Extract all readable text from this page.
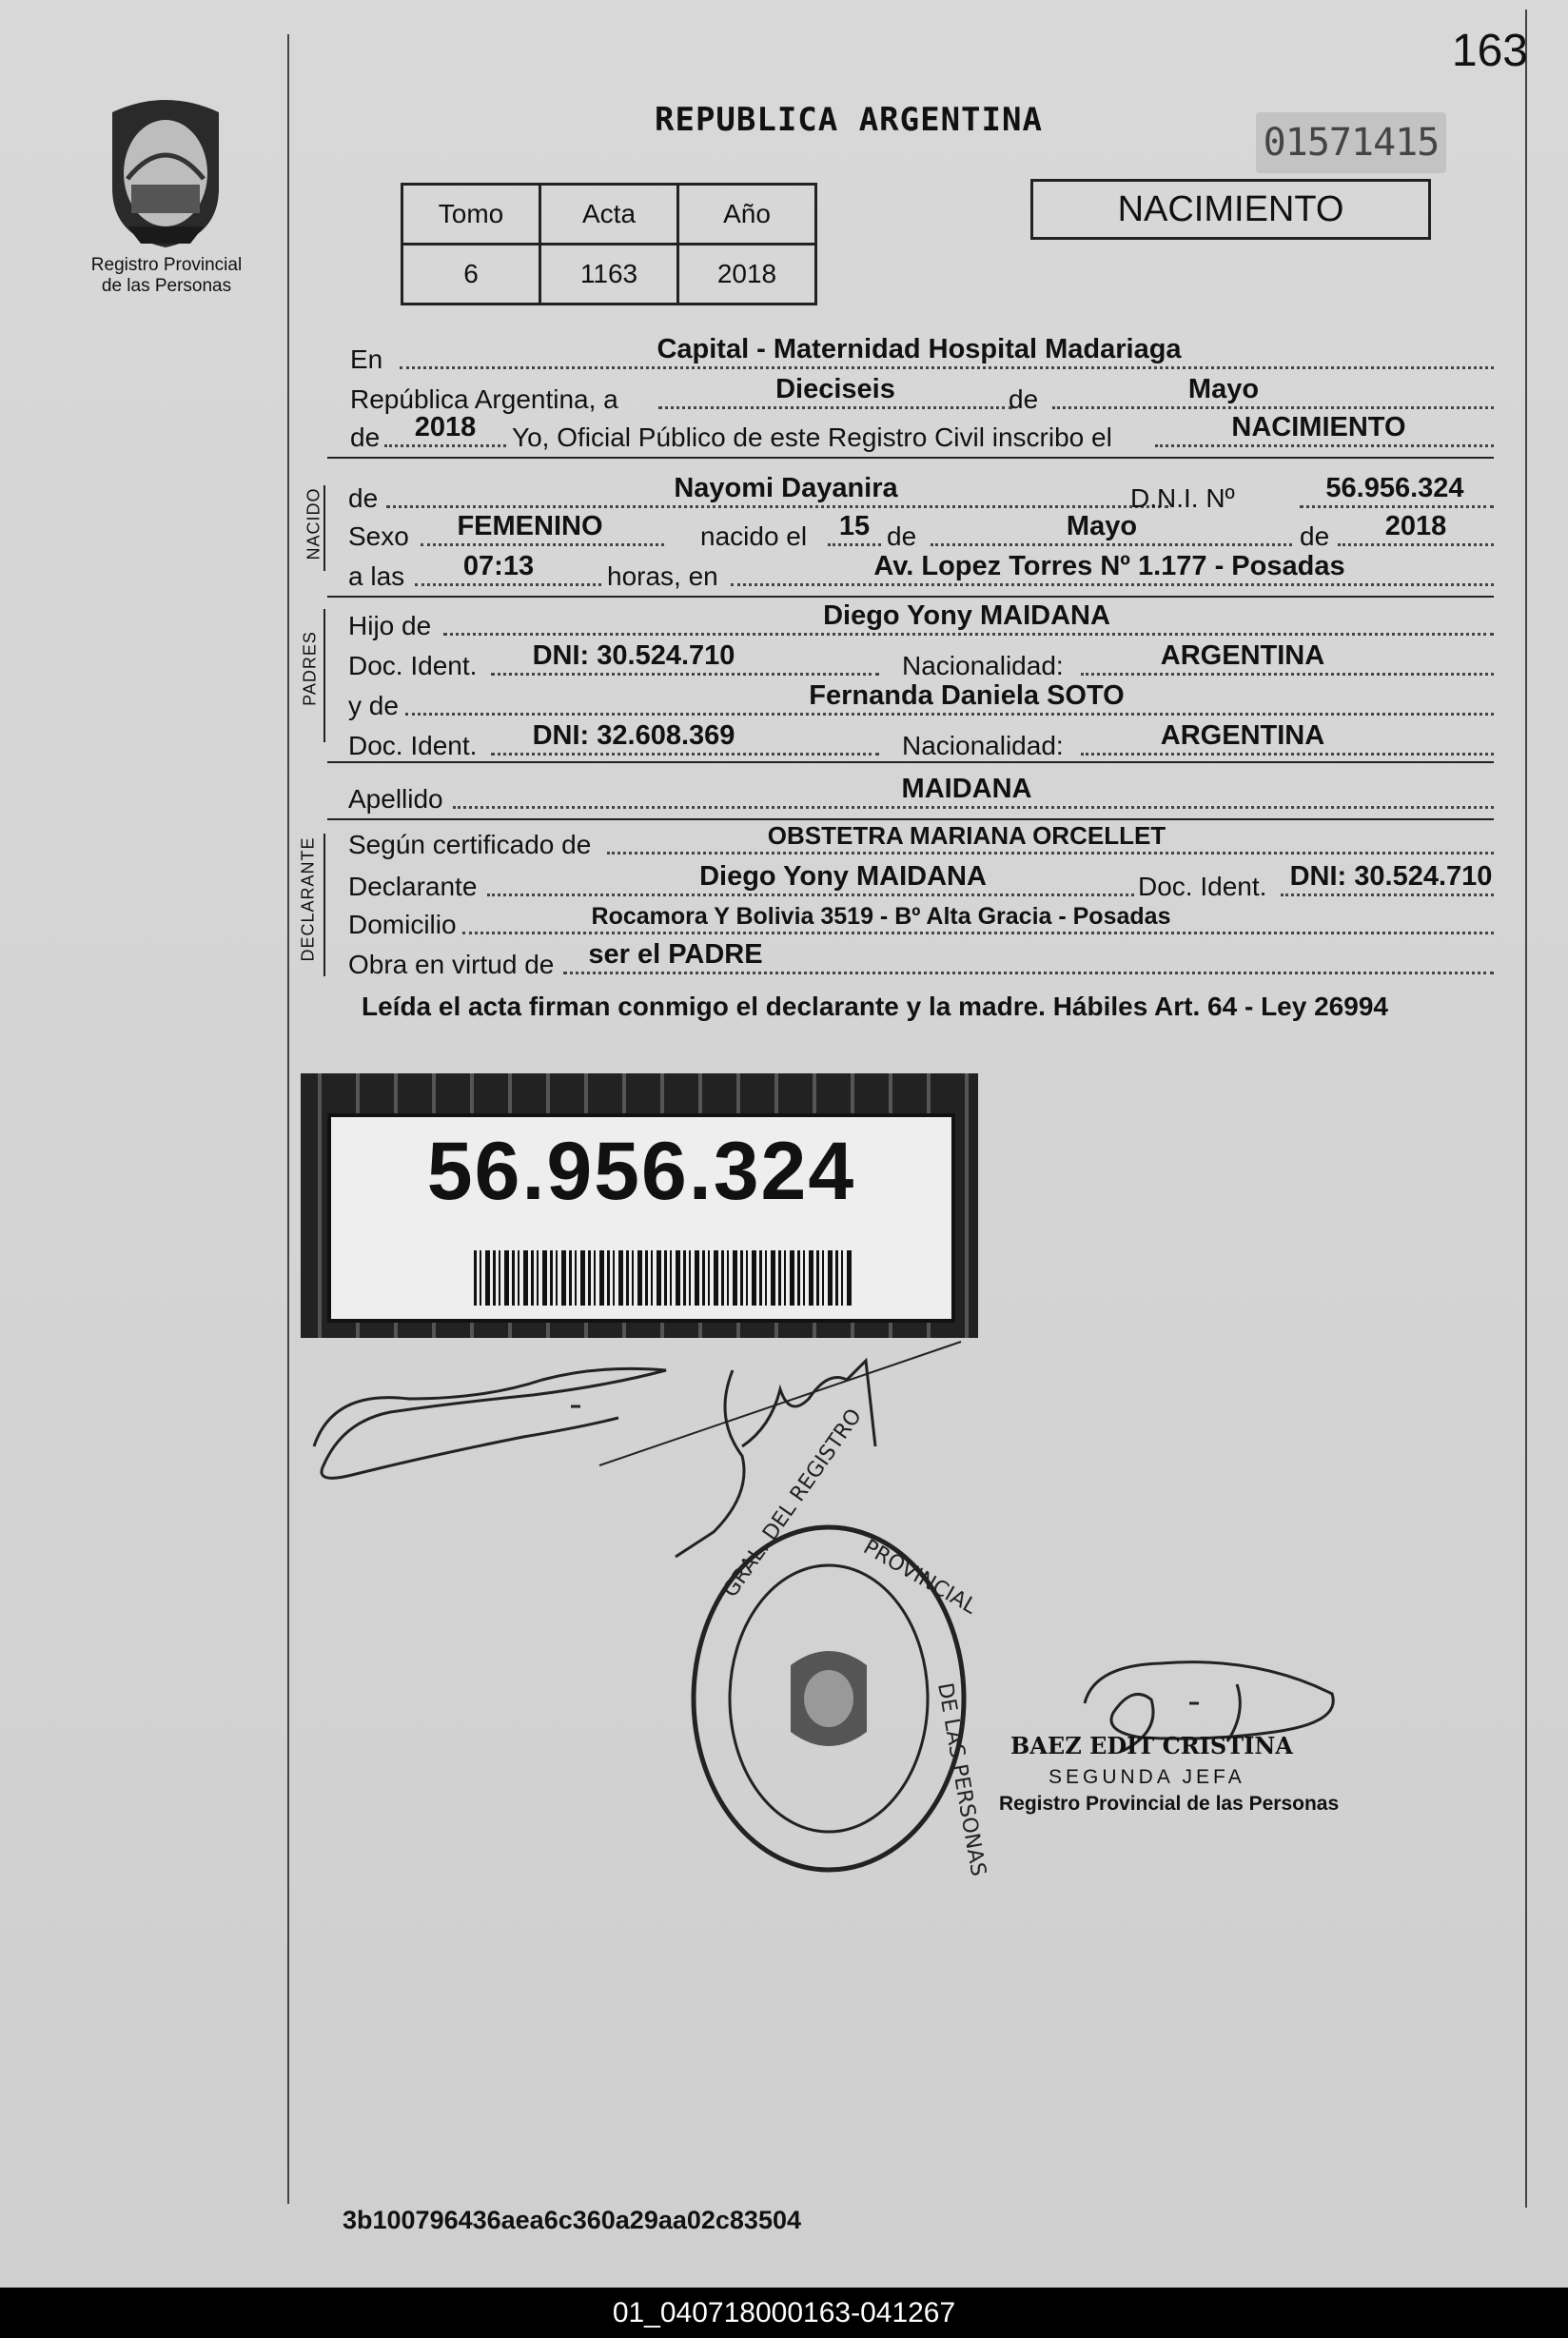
163
Registro Provincial
de las Personas
REPUBLICA ARGENTINA
01571415
Tomo	Acta	Año
6	1163	2018
NACIMIENTO
En	Capital - Maternidad Hospital Madariaga
República Argentina, a	Dieciseis	de	Mayo
de	2018	Yo, Oficial Público de este Registro Civil inscribo el	NACIMIENTO
NACIDO de	Nayomi Dayanira	D.N.I. Nº	56.956.324
Sexo	FEMENINO	nacido el	15 de	Mayo	de	2018
a las	07:13	horas, en	Av. Lopez Torres Nº 1.177 - Posadas
PADRES
Hijo de	Diego Yony MAIDANA
Doc. Ident.	DNI: 30.524.710	Nacionalidad:	ARGENTINA
y de	Fernanda Daniela SOTO
Doc. Ident.	DNI: 32.608.369	Nacionalidad:	ARGENTINA
Apellido	MAIDANA
DECLARANTE Según certificado de	OBSTETRA MARIANA ORCELLET
Declarante	Diego Yony MAIDANA	Doc. Ident. DNI: 30.524.710
Domicilio	Rocamora Y Bolivia 3519 - Bº Alta Gracia - Posadas
Obra en virtud de	ser el PADRE
Leída el acta firman conmigo el declarante y la madre. Hábiles Art. 64 - Ley 26994
56.956.324
GRAL. DEL REGISTRO
PROVINCIAL
DE LAS PERSONAS BAEZ EDIT CRISTINA
SEGUNDA JEFA
Registro Provincial de las Personas
3b100796436aea6c360a29aa02c83504
01_040718000163-041267
